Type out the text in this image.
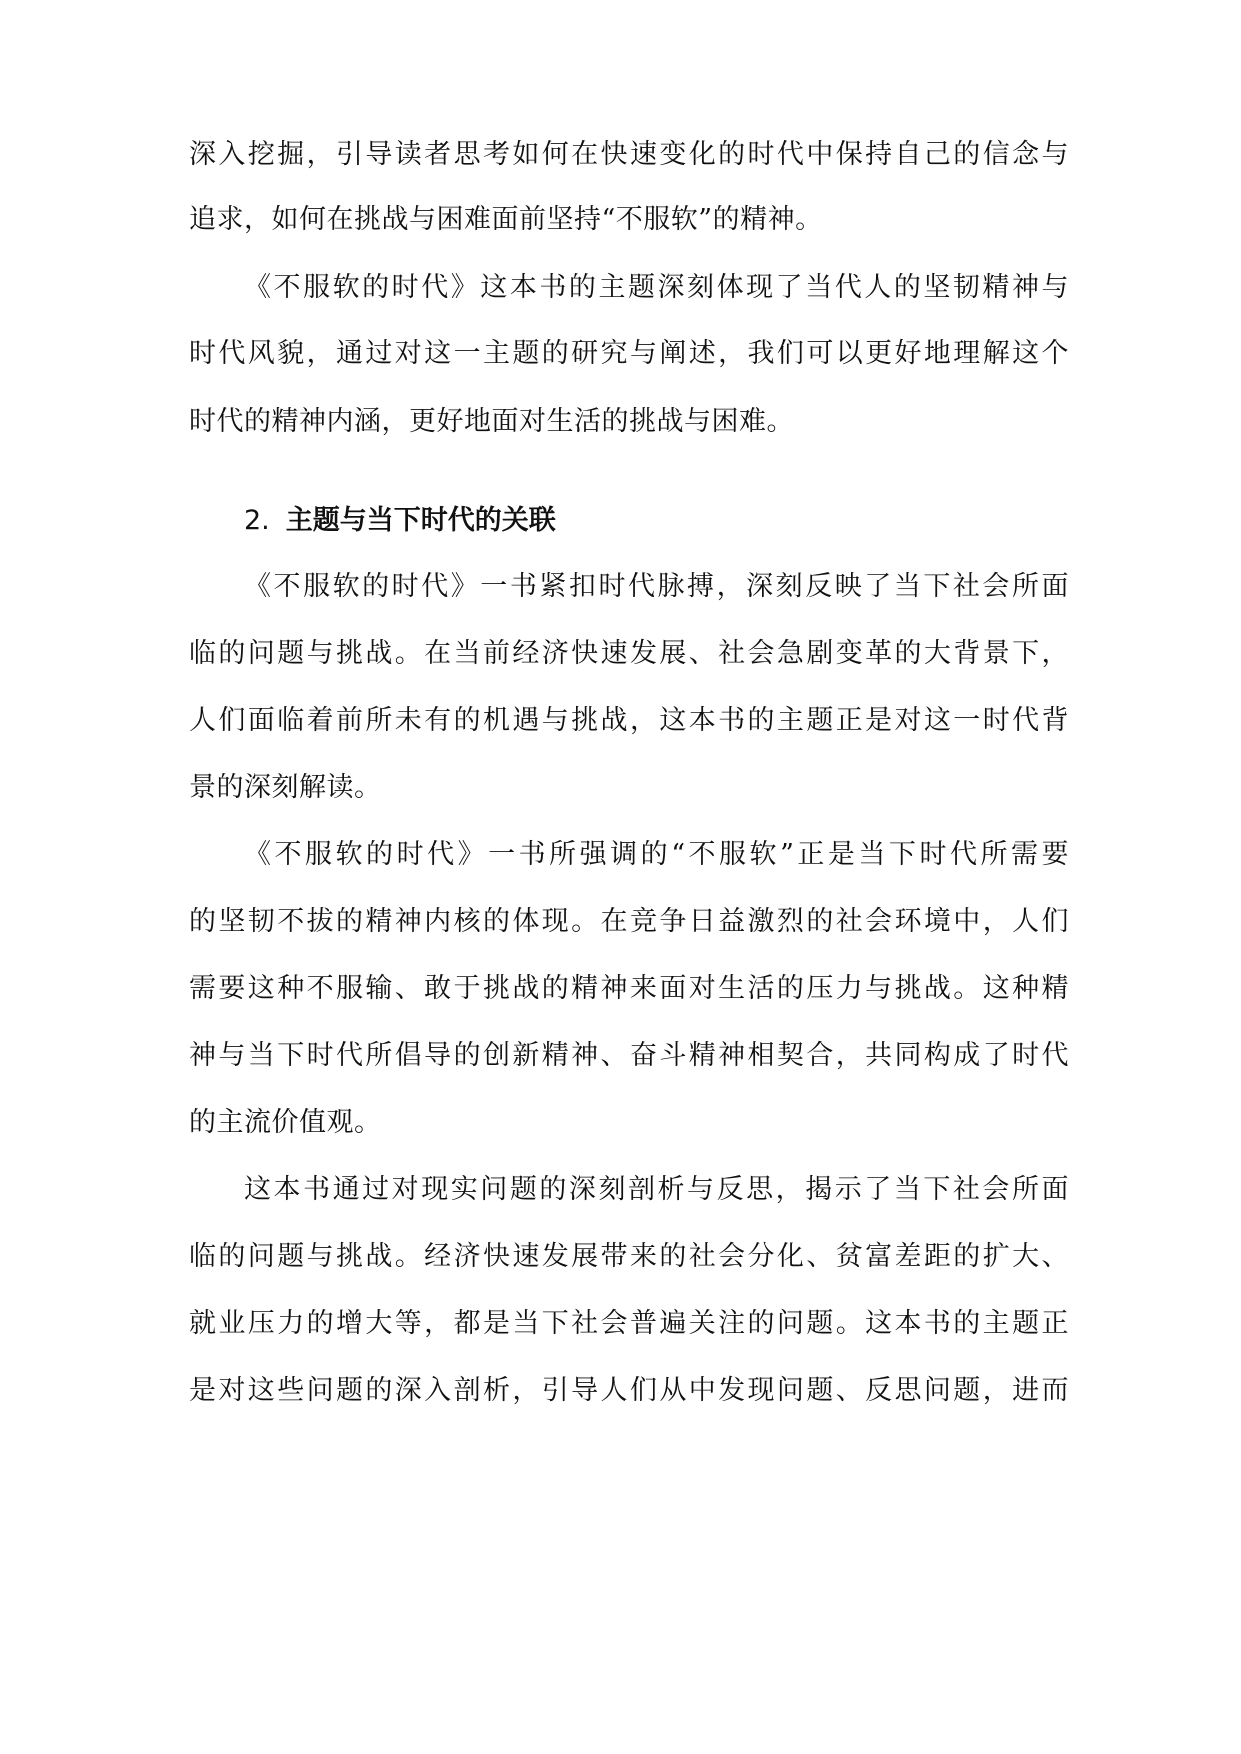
深入挖掘，引导读者思考如何在快速变化的时代中保持自己的信念与
追求，如何在挑战与困难面前坚持“不服软”的精神。
《不服软的时代》这本书的主题深刻体现了当代人的坚韧精神与
时代风貌，通过对这一主题的研究与阐述，我们可以更好地理解这个
时代的精神内涵，更好地面对生活的挑战与困难。
2. 主题与当下时代的关联
《不服软的时代》一书紧扣时代脉搏，深刻反映了当下社会所面
临的问题与挑战。在当前经济快速发展、社会急剧变革的大背景下，
人们面临着前所未有的机遇与挑战，这本书的主题正是对这一时代背
景的深刻解读。
《不服软的时代》一书所强调的“不服软”正是当下时代所需要
的坚韧不拔的精神内核的体现。在竞争日益激烈的社会环境中，人们
需要这种不服输、敢于挑战的精神来面对生活的压力与挑战。这种精
神与当下时代所倡导的创新精神、奋斗精神相契合，共同构成了时代
的主流价值观。
这本书通过对现实问题的深刻剖析与反思，揭示了当下社会所面
临的问题与挑战。经济快速发展带来的社会分化、贫富差距的扩大、
就业压力的增大等，都是当下社会普遍关注的问题。这本书的主题正
是对这些问题的深入剖析，引导人们从中发现问题、反思问题，进而
